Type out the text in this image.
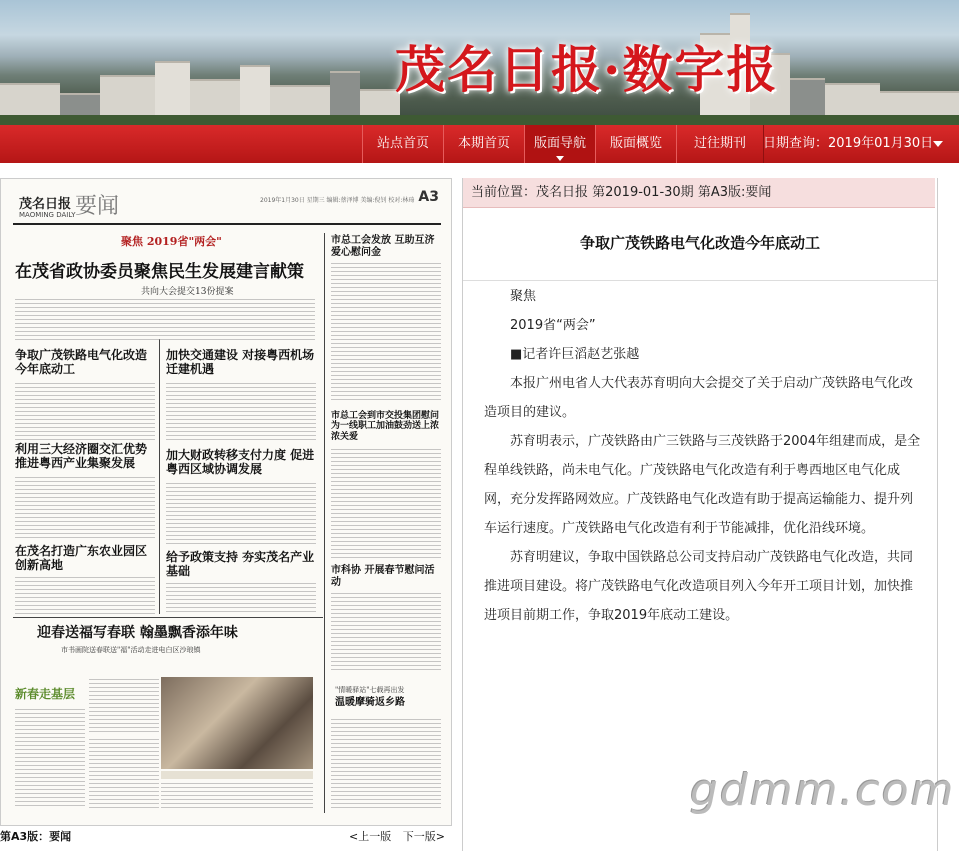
茂名日报·数字报
站点首页	本期首页	版面导航	版面概览	过往期刊	日期查询：2019年01月30日
茂名日报
MAOMING DAILY 要闻	2019年1月30日 星期三 编辑:蔡泽博 美编:倪钊 校对:林琦 A3
聚焦 2019省"两会"
在茂省政协委员聚焦民生发展建言献策
共向大会提交13份提案
争取广茂铁路电气化改造今年底动工
加快交通建设 对接粤西机场迁建机遇
利用三大经济圈交汇优势 推进粤西产业集聚发展
加大财政转移支付力度 促进粤西区域协调发展
在茂名打造广东农业园区创新高地
给予政策支持 夯实茂名产业基础
市总工会发放 互助互济爱心慰问金
市总工会到市交投集团慰问 为一线职工加油鼓劲送上浓浓关爱
市科协 开展春节慰问活动
"情暖驿站"七载再出发
温暖摩骑返乡路
迎春送福写春联 翰墨飘香添年味
市书画院送春联送"福"活动走进电白区沙琅镇
新春走基层
第A3版：要闻	<上一版 下一版>
当前位置：茂名日报 第2019-01-30期 第A3版:要闻
争取广茂铁路电气化改造今年底动工

聚焦

2019省“两会”

■记者许巨滔赵艺张越

本报广州电省人大代表苏育明向大会提交了关于启动广茂铁路电气化改造项目的建议。

苏育明表示，广茂铁路由广三铁路与三茂铁路于2004年组建而成，是全程单线铁路，尚未电气化。广茂铁路电气化改造有利于粤西地区电气化成网，充分发挥路网效应。广茂铁路电气化改造有助于提高运输能力、提升列车运行速度。广茂铁路电气化改造有利于节能减排，优化沿线环境。

苏育明建议，争取中国铁路总公司支持启动广茂铁路电气化改造，共同推进项目建设。将广茂铁路电气化改造项目列入今年开工项目计划，加快推进项目前期工作，争取2019年底动工建设。

gdmm.com
